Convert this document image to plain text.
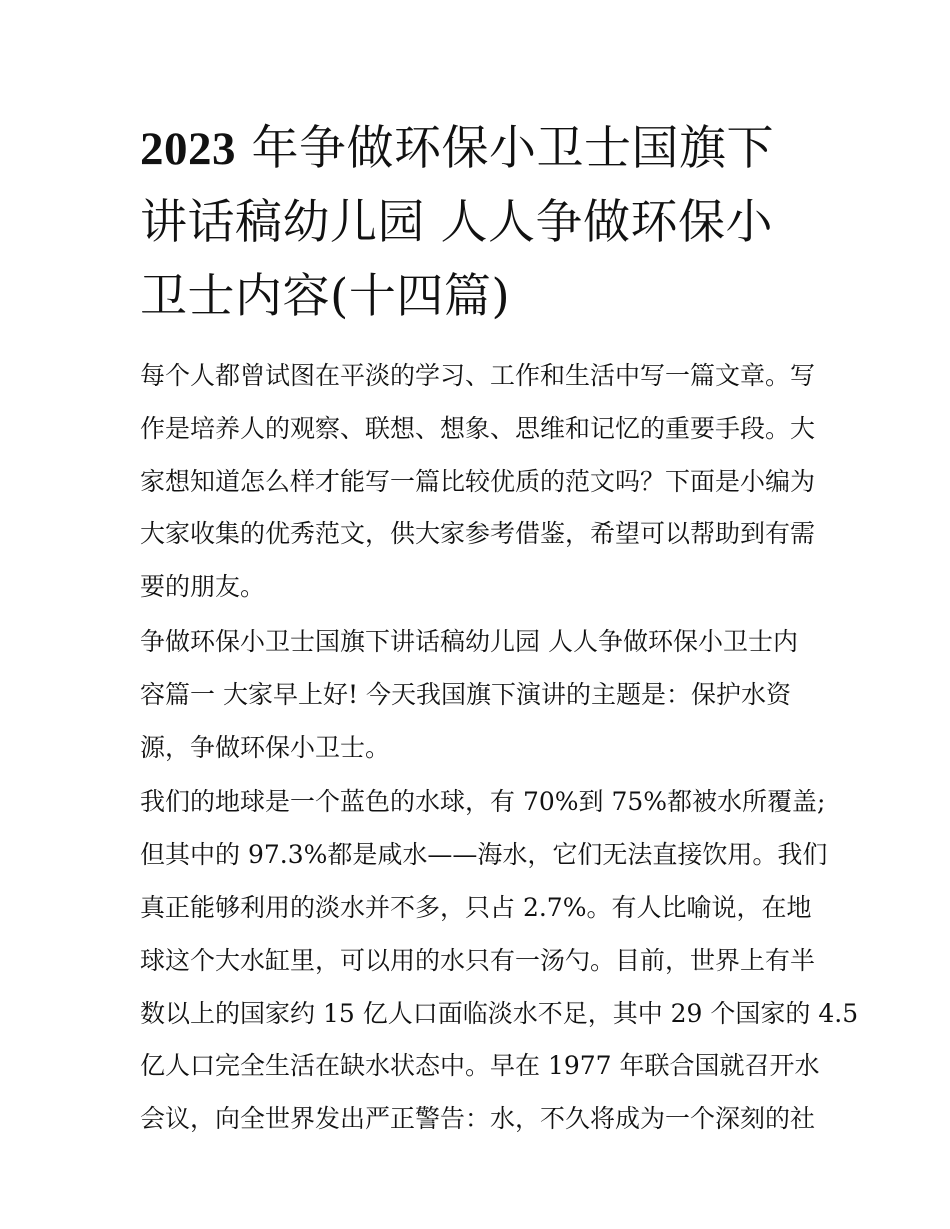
2023 年争做环保小卫士国旗下
讲话稿幼儿园 人人争做环保小
卫士内容(十四篇)
每个人都曾试图在平淡的学习、工作和生活中写一篇文章。写
作是培养人的观察、联想、想象、思维和记忆的重要手段。大
家想知道怎么样才能写一篇比较优质的范文吗？下面是小编为
大家收集的优秀范文，供大家参考借鉴，希望可以帮助到有需
要的朋友。
争做环保小卫士国旗下讲话稿幼儿园 人人争做环保小卫士内
容篇一 大家早上好! 今天我国旗下演讲的主题是：保护水资
源，争做环保小卫士。
我们的地球是一个蓝色的水球，有 70%到 75%都被水所覆盖;
但其中的 97.3%都是咸水——海水，它们无法直接饮用。我们
真正能够利用的淡水并不多，只占 2.7%。有人比喻说，在地
球这个大水缸里，可以用的水只有一汤勺。目前，世界上有半
数以上的国家约 15 亿人口面临淡水不足，其中 29 个国家的 4.5
亿人口完全生活在缺水状态中。早在 1977 年联合国就召开水
会议，向全世界发出严正警告：水，不久将成为一个深刻的社
